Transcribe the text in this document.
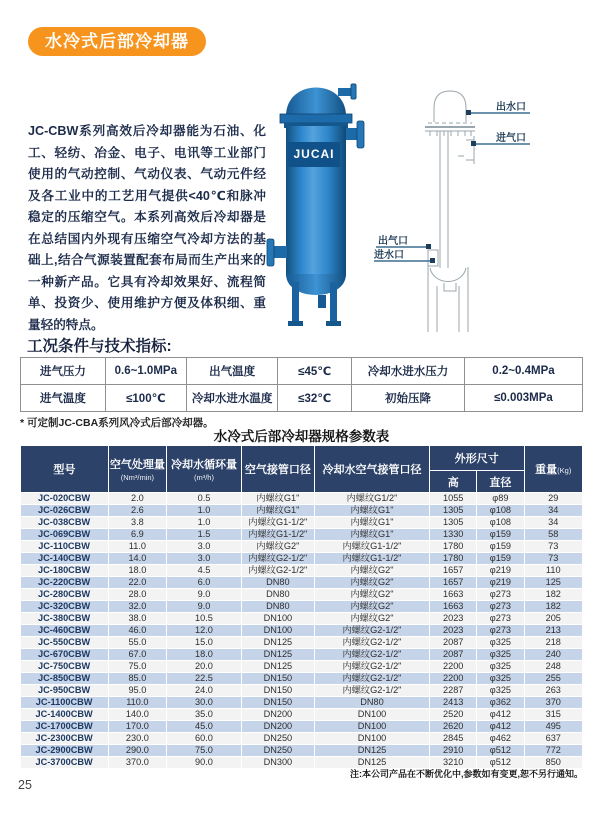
水冷式后部冷却器
JC-CBW系列高效后冷却器能为石油、化工、轻纺、冶金、电子、电讯等工业部门使用的气动控制、气动仪表、气动元件经及各工业中的工艺用气提供<40℃和脉冲稳定的压缩空气。本系列高效后冷却器是在总结国内外现有压缩空气冷却方法的基础上,结合气源装置配套布局而生产出来的一种新产品。它具有冷却效果好、流程简单、投资少、使用维护方便及体积细、重量轻的特点。
JUCAI
出水口
进气口
出气口
进水口
工况条件与技术指标:
进气压力	0.6~1.0MPa	出气温度	≤45℃	冷却水进水压力	0.2~0.4MPa
进气温度	≤100℃	冷却水进水温度	≤32℃	初始压降	≤0.003MPa
* 可定制JC-CBA系列风冷式后部冷却器。
水冷式后部冷却器规格参数表
型号	空气处理量
(Nm³/min)	冷却水循环量
(m³/h)	空气接管口径	冷却水空气接管口径	外形尺寸		重量(Kg)
					高	直径	
JC-020CBW	2.0	0.5	内螺纹G1"	内螺纹G1/2"	1055	φ89	29
JC-026CBW	2.6	1.0	内螺纹G1"	内螺纹G1"	1305	φ108	34
JC-038CBW	3.8	1.0	内螺纹G1-1/2"	内螺纹G1"	1305	φ108	34
JC-069CBW	6.9	1.5	内螺纹G1-1/2"	内螺纹G1"	1330	φ159	58
JC-110CBW	11.0	3.0	内螺纹G2"	内螺纹G1-1/2"	1780	φ159	73
JC-140CBW	14.0	3.0	内螺纹G2-1/2"	内螺纹G1-1/2"	1780	φ159	73
JC-180CBW	18.0	4.5	内螺纹G2-1/2"	内螺纹G2"	1657	φ219	110
JC-220CBW	22.0	6.0	DN80	内螺纹G2"	1657	φ219	125
JC-280CBW	28.0	9.0	DN80	内螺纹G2"	1663	φ273	182
JC-320CBW	32.0	9.0	DN80	内螺纹G2"	1663	φ273	182
JC-380CBW	38.0	10.5	DN100	内螺纹G2"	2023	φ273	205
JC-460CBW	46.0	12.0	DN100	内螺纹G2-1/2"	2023	φ273	213
JC-550CBW	55.0	15.0	DN125	内螺纹G2-1/2"	2087	φ325	218
JC-670CBW	67.0	18.0	DN125	内螺纹G2-1/2"	2087	φ325	240
JC-750CBW	75.0	20.0	DN125	内螺纹G2-1/2"	2200	φ325	248
JC-850CBW	85.0	22.5	DN150	内螺纹G2-1/2"	2200	φ325	255
JC-950CBW	95.0	24.0	DN150	内螺纹G2-1/2"	2287	φ325	263
JC-1100CBW	110.0	30.0	DN150	DN80	2413	φ362	370
JC-1400CBW	140.0	35.0	DN200	DN100	2520	φ412	315
JC-1700CBW	170.0	45.0	DN200	DN100	2620	φ412	495
JC-2300CBW	230.0	60.0	DN250	DN100	2845	φ462	637
JC-2900CBW	290.0	75.0	DN250	DN125	2910	φ512	772
JC-3700CBW	370.0	90.0	DN300	DN125	3210	φ512	850
注:本公司产品在不断优化中,参数如有变更,恕不另行通知。
25
